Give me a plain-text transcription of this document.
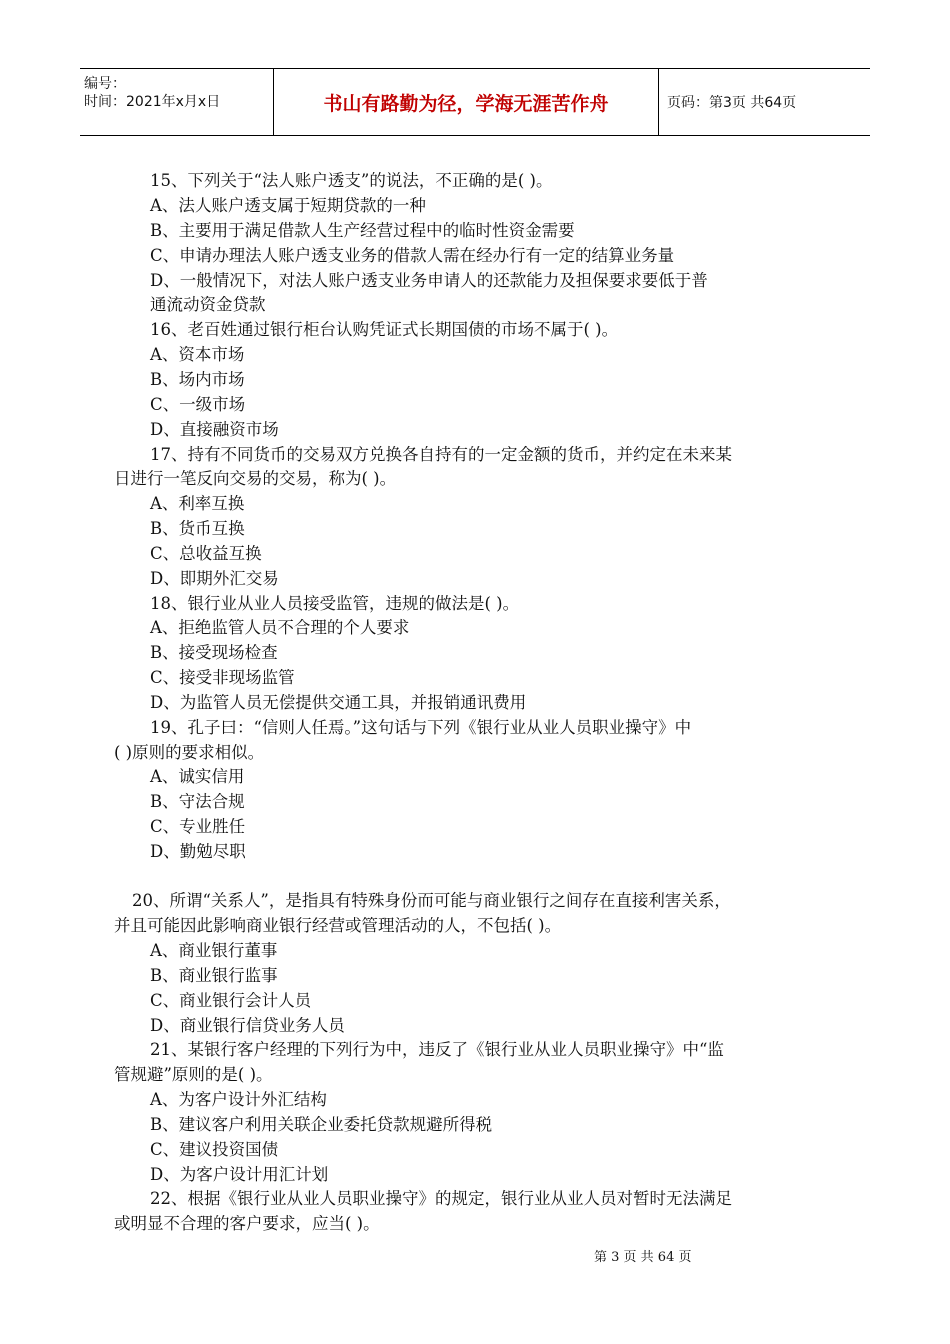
编号：
时间：2021年x月x日	书山有路勤为径，学海无涯苦作舟	页码：第3页 共64页
15、下列关于“法人账户透支”的说法，不正确的是( )。
A、法人账户透支属于短期贷款的一种
B、主要用于满足借款人生产经营过程中的临时性资金需要
C、申请办理法人账户透支业务的借款人需在经办行有一定的结算业务量
D、一般情况下，对法人账户透支业务申请人的还款能力及担保要求要低于普
通流动资金贷款
16、老百姓通过银行柜台认购凭证式长期国债的市场不属于( )。
A、资本市场
B、场内市场
C、一级市场
D、直接融资市场
17、持有不同货币的交易双方兑换各自持有的一定金额的货币，并约定在未来某
日进行一笔反向交易的交易，称为( )。
A、利率互换
B、货币互换
C、总收益互换
D、即期外汇交易
18、银行业从业人员接受监管，违规的做法是( )。
A、拒绝监管人员不合理的个人要求
B、接受现场检查
C、接受非现场监管
D、为监管人员无偿提供交通工具，并报销通讯费用
19、孔子曰：“信则人任焉。”这句话与下列《银行业从业人员职业操守》中
( )原则的要求相似。
A、诚实信用
B、守法合规
C、专业胜任
D、勤勉尽职
20、所谓“关系人”，是指具有特殊身份而可能与商业银行之间存在直接利害关系，
并且可能因此影响商业银行经营或管理活动的人，不包括( )。
A、商业银行董事
B、商业银行监事
C、商业银行会计人员
D、商业银行信贷业务人员
21、某银行客户经理的下列行为中，违反了《银行业从业人员职业操守》中“监
管规避”原则的是( )。
A、为客户设计外汇结构
B、建议客户利用关联企业委托贷款规避所得税
C、建议投资国债
D、为客户设计用汇计划
22、根据《银行业从业人员职业操守》的规定，银行业从业人员对暂时无法满足
或明显不合理的客户要求，应当( )。
第 3 页 共 64 页
